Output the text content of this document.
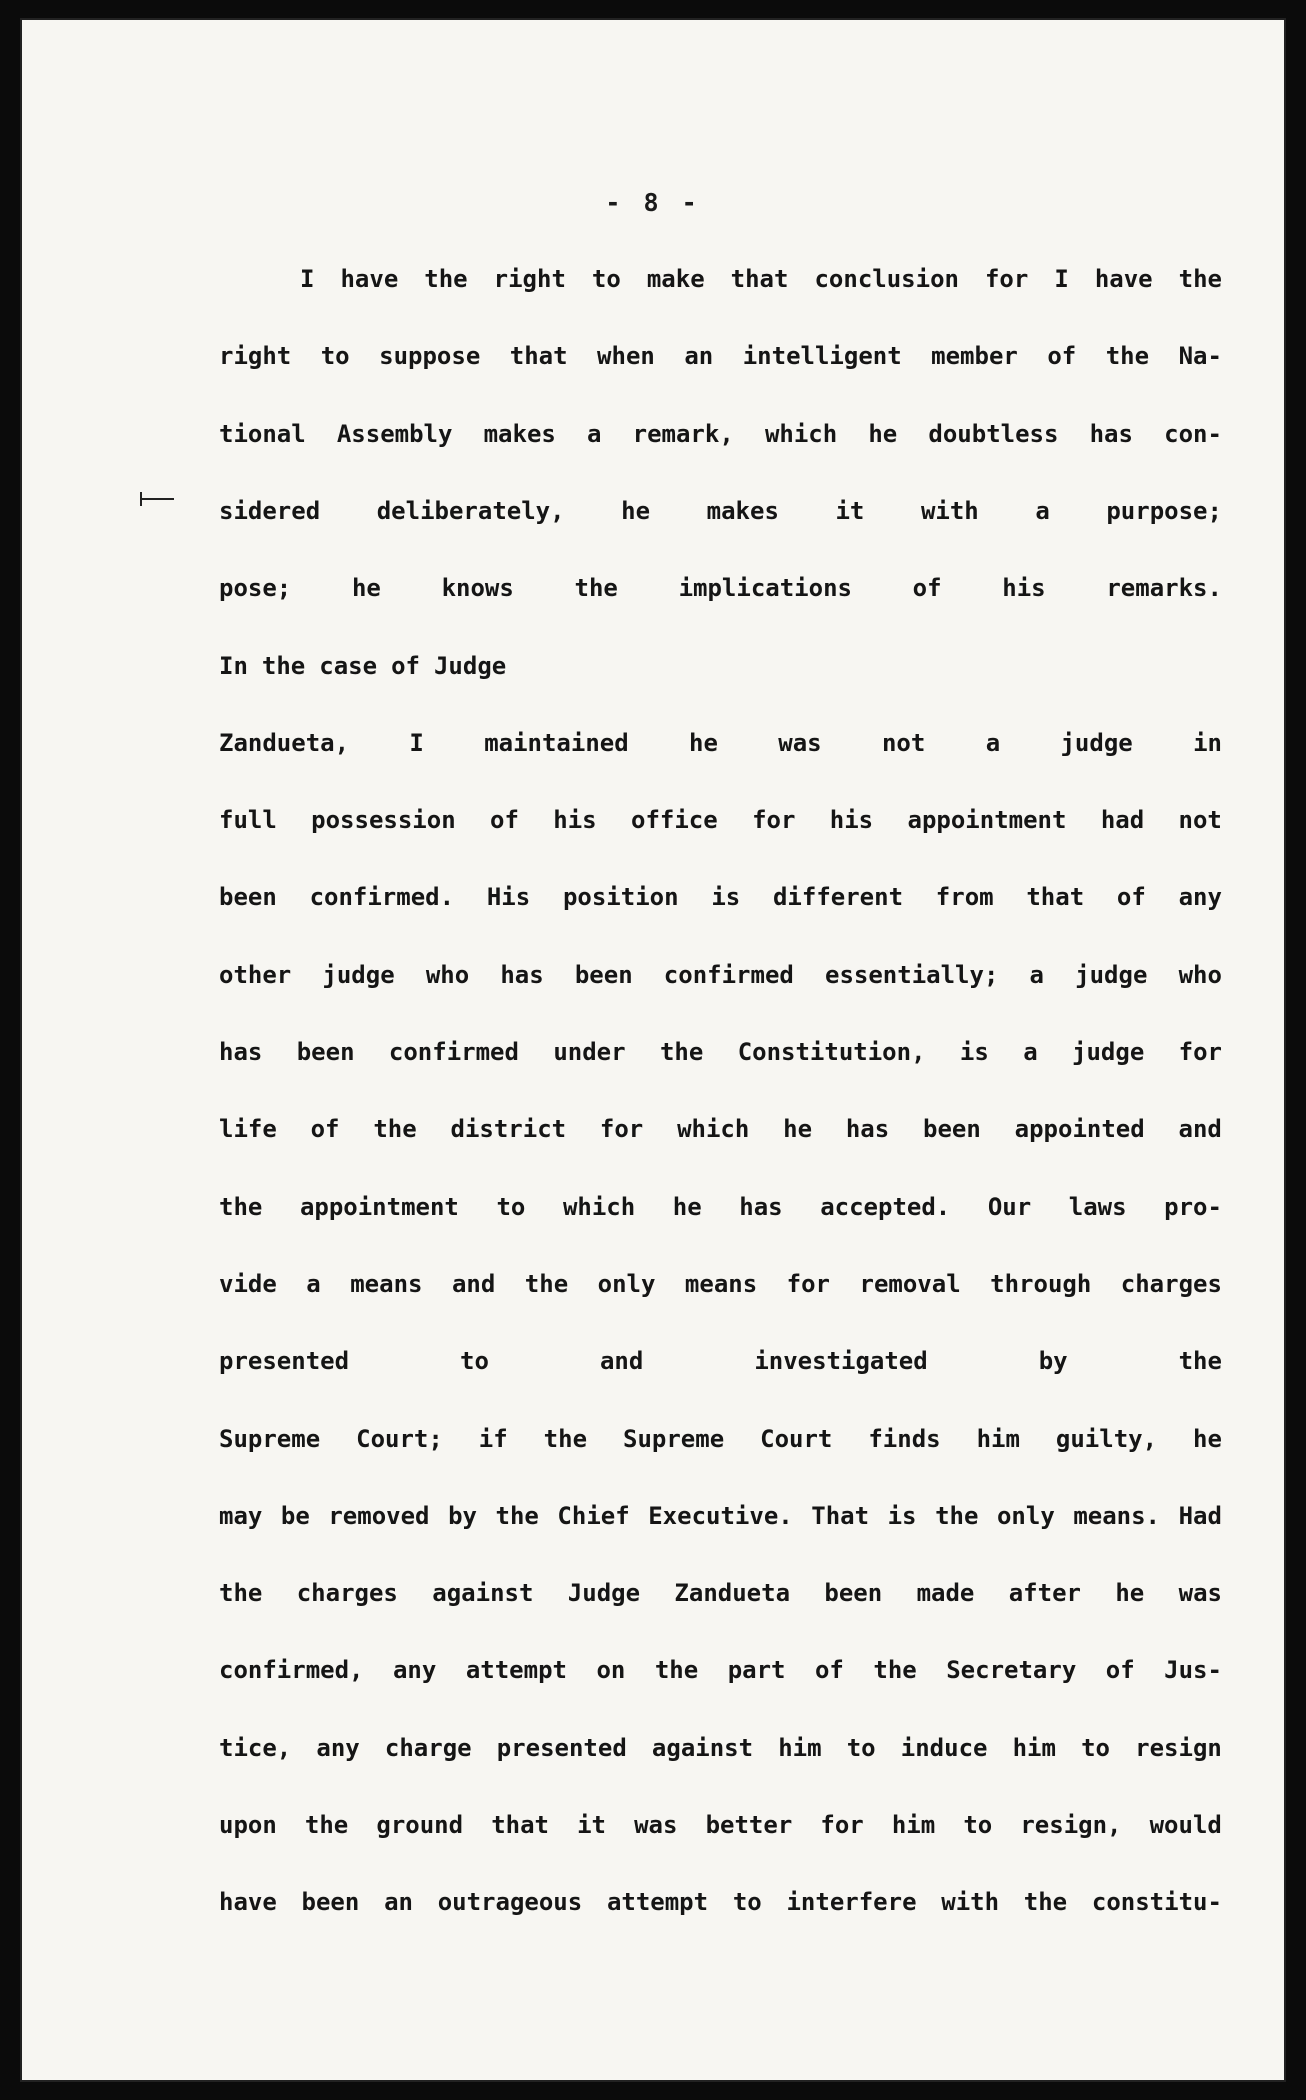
- 8 -
I have the right to make that conclusion for I have the
right to suppose that when an intelligent member of the Na-
tional Assembly makes a remark, which he doubtless has con-
sidered deliberately, he makes it with a purpose;
pose;	he	knows	the	implications	of	his	remarks.
In the case of Judge
Zandueta,	I	maintained	he	was	not	a	judge	in
full possession of his office for his appointment had not
been confirmed. His position is different from that of any
other judge who has been confirmed essentially; a judge who
has been confirmed under the Constitution, is a judge for
life of the district for which he has been appointed and
the appointment to which he has accepted. Our laws pro-
vide a means and the only means for removal through charges
presented	to	and	investigated	by	the
Supreme Court; if the Supreme Court finds him guilty, he
may be removed by the Chief Executive. That is the only means. Had
the charges against Judge Zandueta been made after he was
confirmed, any attempt on the part of the Secretary of Jus-
tice, any charge presented against him to induce him to resign
upon the ground that it was better for him to resign, would
have been an outrageous attempt to interfere with the constitu-
